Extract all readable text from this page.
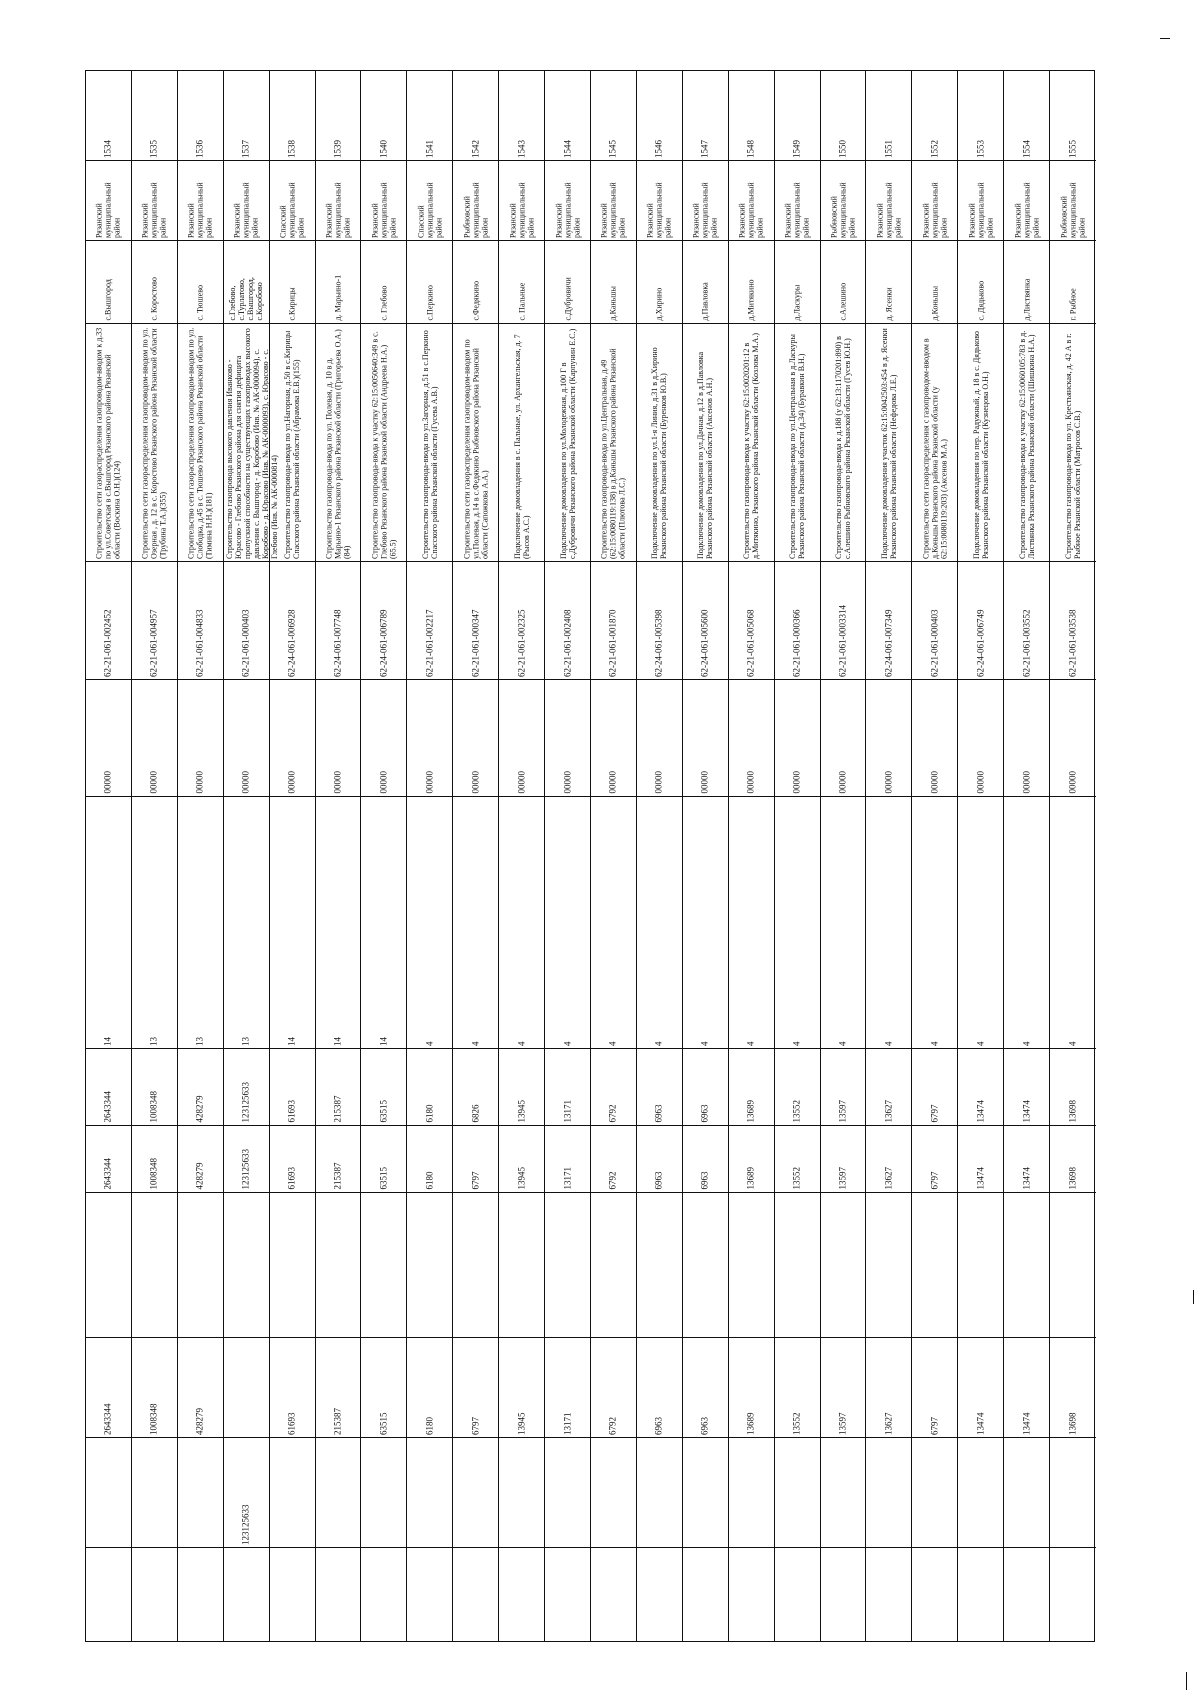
1534
Рязанский муниципальный район
с.Вышгород
Строительство сети газораспределения газопроводом-вводом к д.33 по ул.Советская в с.Вышгород Рязанского района Рязанской области (Воскина О.Н.)(124)
62-21-061-002452
00000
14
2643344
2643344
2643344
1535
Рязанский муниципальный район
с. Коростово
Строительство сети газораспределения газопроводом-вводом по ул. Озерная , д. 12 в с. Коростово Рязанского района Рязанской области (Трубина Т.А.)(355)
62-21-061-004957
00000
13
1008348
1008348
1008348
1536
Рязанский муниципальный район
с. Тюшево
Строительство сети газораспределения газопроводом-вводом по ул. Слободка, д.45 в с. Тюшево Рязанского района Рязанской области (Тимина Н.Н.)(181)
62-21-061-004833
00000
13
428279
428279
428279
1537
Рязанский муниципальный район
с.Глебово, с.Турлатово, с.Вышгород, с.Коробово
Строительство газопровода высокого давления Иванково - Юрасово - Глебово Рязанского района для снятия дефицита пропускной способности на существующих газопроводах высокого давления с. Вышгород - д. Коробово (Инв. № АК-0000094), с. Коробово - д. Юрасово (Инв. № АК-0000093), с. Юрасово - с. Глебово (Инв. № АК-0000814)
62-21-061-000403
00000
13
123125633
123125633
123125633
1538
Спасский муниципальный район
с.Кирицы
Строительство газопровода-ввода по ул.Нагорная, д.50 в с.Кирицы Спасского района Рязанской области (Абрамова Е.В.)(155)
62-24-061-006928
00000
14
61693
61693
61693
1539
Рязанский муниципальный район
д. Марьино-1
Строительство газопровода-ввода по ул. Полевая, д. 10 в д. Марьино-1 Рязанского района Рязанской области (Григорьева О.А.)(84)
62-24-061-007748
00000
14
215387
215387
215387
1540
Рязанский муниципальный район
с. Глебово
Строительство газопровода-ввода к участку 62:15:0050640:349 в с. Глебово Рязанского района Рязанской области (Андреева Н.А.)(65.5)
62-24-061-006789
00000
14
63515
63515
63515
1541
Спасский муниципальный район
с.Перкино
Строительство газопровода-ввода по ул.Загорная, д.51 в с.Перкино Спасского района Рязанской области (Гусева А.В.)
62-21-061-002217
00000
4
6180
6180
6180
1542
Рыбновский муниципальный район
с.Федякино
Строительство сети газораспределения газопроводом-вводом по ул.Полевая, д.14 в с.Федякино Рыбновского района Рязанской области (Сапожкова А.А.)
62-21-061-000347
00000
4
6826
6797
6797
1543
Рязанский муниципальный район
с. Пальные
Подключение домовладения в с. Пальные, ул. Архангельская, д. 7 (Рысов А.С.)
62-21-061-002325
00000
4
13945
13945
13945
1544
Рязанский муниципальный район
с.Дубровичи
Подключение домовладения по ул.Молодежная, д.100 Г в с.Дубровичи Рязанского района Рязанской области (Карпунин Е.С.)
62-21-061-002408
00000
4
13171
13171
13171
1545
Рязанский муниципальный район
д.Каньшы
Строительство газопровода-ввода по ул.Центральная, д.49 (62:15:0080119:138) в д.Каньшы Рязанского района Рязанской области (Плютова Л.С.)
62-21-061-001870
00000
4
6792
6792
6792
1546
Рязанский муниципальный район
д.Хирино
Подключение домовладения по ул.1-я Линия, д.31 в д.Хирино Рязанского района Рязанской области (Буренков Ю.В.)
62-24-061-005398
00000
4
6963
6963
6963
1547
Рязанский муниципальный район
д.Павловка
Подключение домовладения по ул.Дачная, д.12 в д.Павловка Рязанского района Рязанской области (Аксенов А.Н.)
62-24-061-005600
00000
4
6963
6963
6963
1548
Рязанский муниципальный район
д.Митякино
Строительство газопровода-ввода к участку 62:15:0020201:12 в д.Митякино, Рязанского района Рязанской области (Козлова М.А.)
62-21-061-005068
00000
4
13689
13689
13689
1549
Рязанский муниципальный район
д.Ласкуры
Строительство газопровода-ввода по ул.Центральная в д.Ласкуры Рязанского района Рязанской области (д.34) (Буравкин В.Н.)
62-21-061-000366
00000
4
13552
13552
13552
1550
Рыбновский муниципальный район
с.Алешино
Строительство газопровода-ввода к д.188 (у 62:13:1170201:890) в с.Алешино Рыбновского района Рязанской области (Гусев Ю.Н.)
62-21-061-0003314
00000
4
13597
13597
13597
1551
Рязанский муниципальный район
д. Ясенки
Подключение домовладения участок 62:15:0042503:454 в д. Ясенки Рязанского района Рязанской области (Нефедова Л.Е.)
62-24-061-007349
00000
4
13627
13627
13627
1552
Рязанский муниципальный район
д.Коньшы
Строительство сети газораспределения с газопроводом-вводом в д.Коньшы Рязанского района Рязанской области (у 62:15:0080119:203) (Аксенов М.А.)
62-21-061-000403
00000
4
6797
6797
6797
1553
Рязанский муниципальный район
с. Дядьково
Подключение домовладения по пер. Радужный, д. 18 в с. Дядьково Рязанского района Рязанской области (Кузнецова О.Н.)
62-24-061-006749
00000
4
13474
13474
13474
1554
Рязанский муниципальный район
д.Листвянка
Строительство газопровода-ввода к участку 62:15:0060105:783 в д. Листвянка Рязанского района Рязанской области (Шишкина Н.А.)
62-21-061-003552
00000
4
13474
13474
13474
1555
Рыбновский муниципальный район
г. Рыбное
Строительство газопровода-ввода по ул. Крестьянская, д. 42 А в г. Рыбное Рязанской области (Матросов С.В.)
62-21-061-003538
00000
4
13698
13698
13698
